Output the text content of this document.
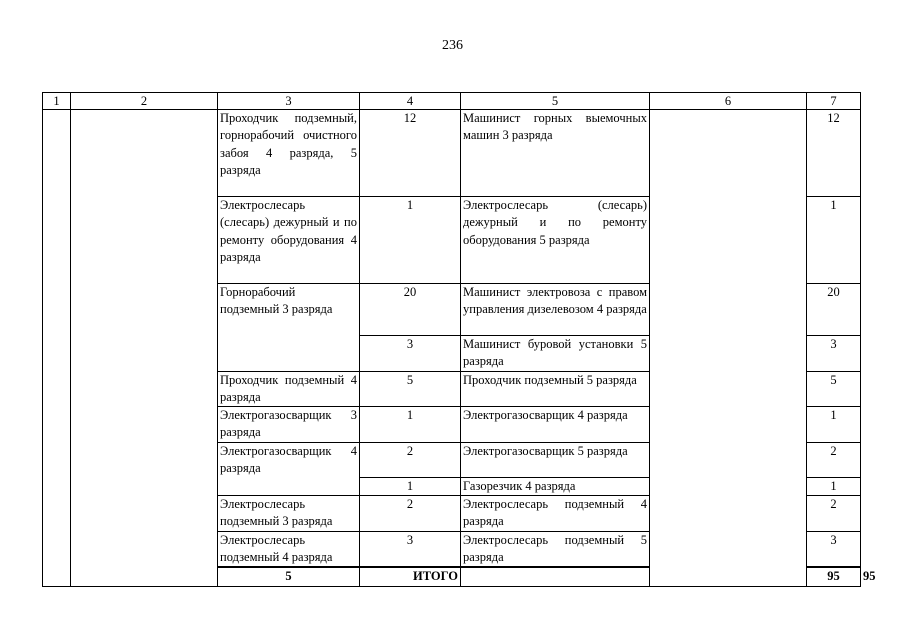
236
1	2	3	4	5	6	7	
		Проходчик подземный, горнорабочий очистного забоя 4 разряда, 5 разряда	12	Машинист горных выемочных машин 3 разряда		12	
		Электрослесарь (слесарь) дежурный и по ремонту оборудования 4 разряда	1	Электрослесарь (слесарь) дежурный и по ремонту оборудования 5 разряда		1	
		Горнорабочий подземный 3 разряда	20	Машинист электровоза с правом управления дизелевозом 4 разряда		20	
			3	Машинист буровой установки 5 разряда		3	
		Проходчик подземный 4 разряда	5	Проходчик подземный 5 разряда		5	
		Электрогазосварщик 3 разряда	1	Электрогазосварщик 4 разряда		1	
		Электрогазосварщик 4 разряда	2	Электрогазосварщик 5 разряда		2	
			1	Газорезчик 4 разряда		1	
		Электрослесарь подземный 3 разряда	2	Электрослесарь подземный 4 разряда		2	
		Электрослесарь подземный 4 разряда	3	Электрослесарь подземный 5 разряда		3	

		5	ИТОГО			95			95
